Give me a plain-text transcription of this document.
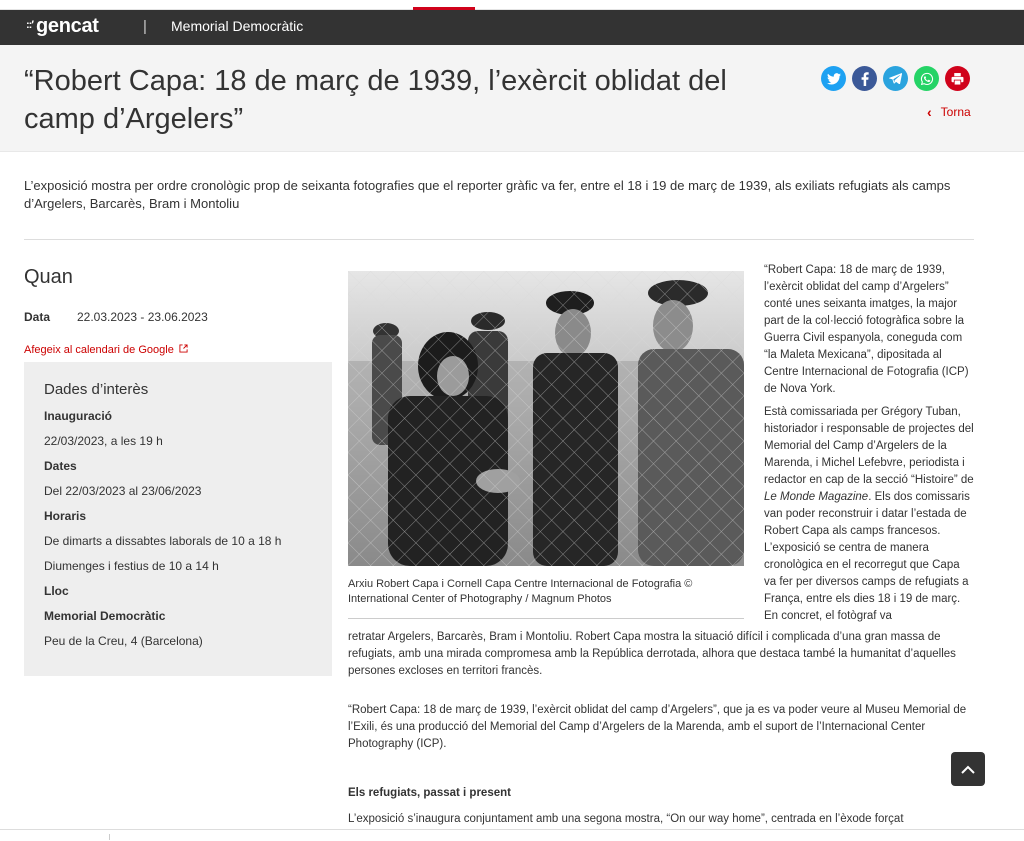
::′ gencat	| Memorial Democràtic
“Robert Capa: 18 de març de 1939, l’exèrcit oblidat del camp d’Argelers”	‹ Torna

L’exposició mostra per ordre cronològic prop de seixanta fotografies que el reporter gràfic va fer, entre el 18 i 19 de març de 1939, als exiliats refugiats als camps d’Argelers, Barcarès, Bram i Montoliu

Quan
Data 22.03.2023 - 23.06.2023
Afegeix al calendari de Google
Dades d’interès
Inauguració
22/03/2023, a les 19 h
Dates
Del 22/03/2023 al 23/06/2023
Horaris
De dimarts a dissabtes laborals de 10 a 18 h
Diumenges i festius de 10 a 14 h
Lloc
Memorial Democràtic
Peu de la Creu, 4 (Barcelona)
Arxiu Robert Capa i Cornell Capa Centre Internacional de Fotografia © International Center of Photography / Magnum Photos

“Robert Capa: 18 de març de 1939, l’exèrcit oblidat del camp d’Argelers” conté unes seixanta imatges, la major part de la col·lecció fotogràfica sobre la Guerra Civil espanyola, coneguda com “la Maleta Mexicana”, dipositada al Centre Internacional de Fotografia (ICP) de Nova York.

Està comissariada per Grégory Tuban, historiador i responsable de projectes del Memorial del Camp d’Argelers de la Marenda, i Michel Lefebvre, periodista i redactor en cap de la secció “Histoire” de Le Monde Magazine. Els dos comissaris van poder reconstruir i datar l’estada de Robert Capa als camps francesos. L’exposició se centra de manera cronològica en el recorregut que Capa va fer per diversos camps de refugiats a França, entre els dies 18 i 19 de març. En concret, el fotògraf va

retratar Argelers, Barcarès, Bram i Montoliu. Robert Capa mostra la situació difícil i complicada d’una gran massa de refugiats, amb una mirada compromesa amb la República derrotada, alhora que destaca també la humanitat d’aquelles persones excloses en territori francès.

“Robert Capa: 18 de març de 1939, l’exèrcit oblidat del camp d’Argelers”, que ja es va poder veure al Museu Memorial de l’Exili, és una producció del Memorial del Camp d’Argelers de la Marenda, amb el suport de l’Internacional Center Photography (ICP).

Els refugiats, passat i present

L’exposició s’inaugura conjuntament amb una segona mostra, “On our way home”, centrada en l’èxode forçat
